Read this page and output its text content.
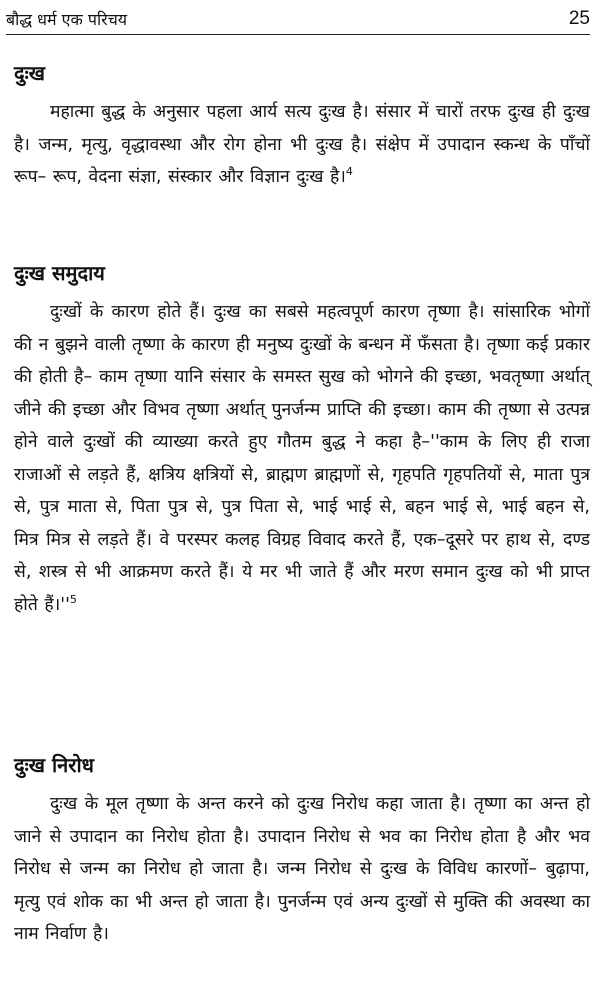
बौद्ध धर्म एक परिचय	25
दुःख

महात्मा बुद्ध के अनुसार पहला आर्य सत्य दुःख है। संसार में चारों तरफ दुःख ही दुःख है। जन्म, मृत्यु, वृद्धावस्था और रोग होना भी दुःख है। संक्षेप में उपादान स्कन्ध के पाँचों रूप– रूप, वेदना संज्ञा, संस्कार और विज्ञान दुःख है।$^4$

दुःख समुदाय

दुःखों के कारण होते हैं। दुःख का सबसे महत्वपूर्ण कारण तृष्णा है। सांसारिक भोगों की न बुझने वाली तृष्णा के कारण ही मनुष्य दुःखों के बन्धन में फँसता है। तृष्णा कई प्रकार की होती है– काम तृष्णा यानि संसार के समस्त सुख को भोगने की इच्छा, भवतृष्णा अर्थात् जीने की इच्छा और विभव तृष्णा अर्थात् पुनर्जन्म प्राप्ति की इच्छा। काम की तृष्णा से उत्पन्न होने वाले दुःखों की व्याख्या करते हुए गौतम बुद्ध ने कहा है–''काम के लिए ही राजा राजाओं से लड़ते हैं, क्षत्रिय क्षत्रियों से, ब्राह्मण ब्राह्मणों से, गृहपति गृहपतियों से, माता पुत्र से, पुत्र माता से, पिता पुत्र से, पुत्र पिता से, भाई भाई से, बहन भाई से, भाई बहन से, मित्र मित्र से लड़ते हैं। वे परस्पर कलह विग्रह विवाद करते हैं, एक–दूसरे पर हाथ से, दण्ड से, शस्त्र से भी आक्रमण करते हैं। ये मर भी जाते हैं और मरण समान दुःख को भी प्राप्त होते हैं।''$^5$

दुःख निरोध

दुःख के मूल तृष्णा के अन्त करने को दुःख निरोध कहा जाता है। तृष्णा का अन्त हो जाने से उपादान का निरोध होता है। उपादान निरोध से भव का निरोध होता है और भव निरोध से जन्म का निरोध हो जाता है। जन्म निरोध से दुःख के विविध कारणों– बुढ़ापा, मृत्यु एवं शोक का भी अन्त हो जाता है। पुनर्जन्म एवं अन्य दुःखों से मुक्ति की अवस्था का नाम निर्वाण है।
